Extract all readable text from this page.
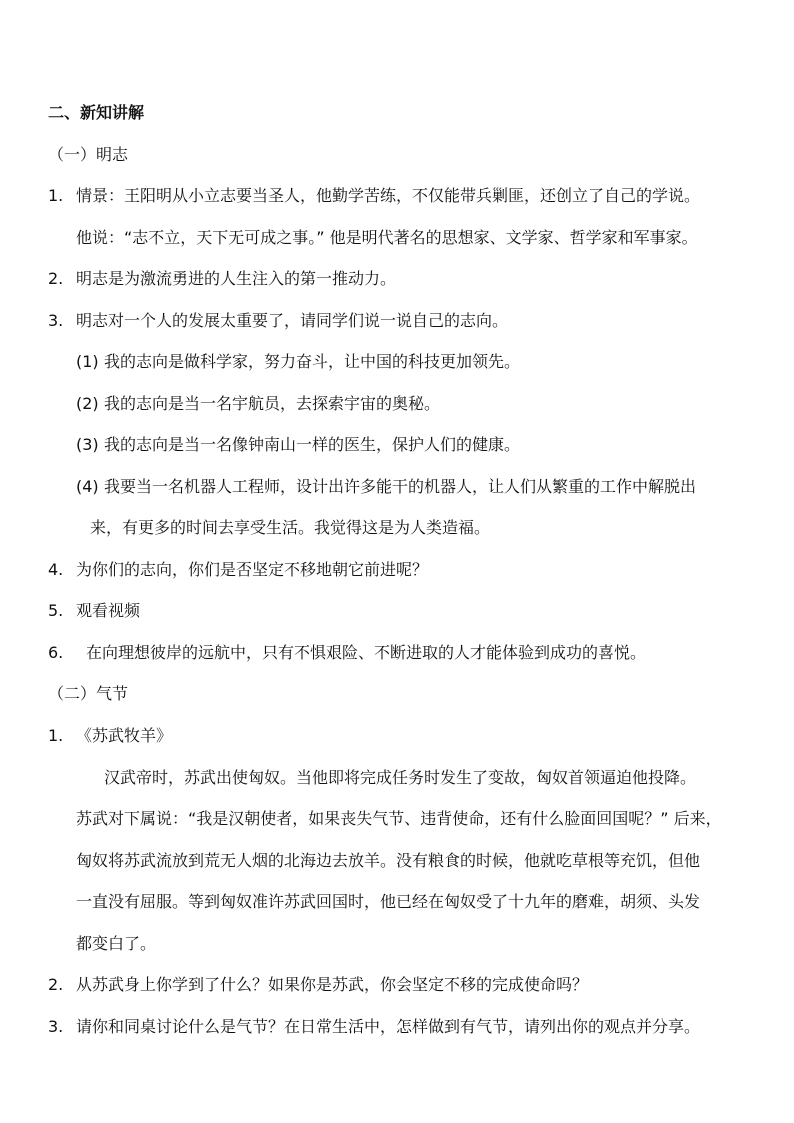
二、新知讲解
（一）明志
1. 情景：王阳明从小立志要当圣人，他勤学苦练，不仅能带兵剿匪，还创立了自己的学说。
他说：“志不立，天下无可成之事。” 他是明代著名的思想家、文学家、哲学家和军事家。
2. 明志是为激流勇进的人生注入的第一推动力。
3. 明志对一个人的发展太重要了，请同学们说一说自己的志向。
(1) 我的志向是做科学家，努力奋斗，让中国的科技更加领先。
(2) 我的志向是当一名宇航员，去探索宇宙的奥秘。
(3) 我的志向是当一名像钟南山一样的医生，保护人们的健康。
(4) 我要当一名机器人工程师，设计出许多能干的机器人，让人们从繁重的工作中解脱出
来，有更多的时间去享受生活。我觉得这是为人类造福。
4. 为你们的志向，你们是否坚定不移地朝它前进呢？
5. 观看视频
6. 在向理想彼岸的远航中，只有不惧艰险、不断进取的人才能体验到成功的喜悦。
（二）气节
1. 《苏武牧羊》
汉武帝时，苏武出使匈奴。当他即将完成任务时发生了变故，匈奴首领逼迫他投降。
苏武对下属说：“我是汉朝使者，如果丧失气节、违背使命，还有什么脸面回国呢？” 后来，
匈奴将苏武流放到荒无人烟的北海边去放羊。没有粮食的时候，他就吃草根等充饥，但他
一直没有屈服。等到匈奴准许苏武回国时，他已经在匈奴受了十九年的磨难，胡须、头发
都变白了。
2. 从苏武身上你学到了什么？如果你是苏武，你会坚定不移的完成使命吗？
3. 请你和同桌讨论什么是气节？在日常生活中，怎样做到有气节，请列出你的观点并分享。
